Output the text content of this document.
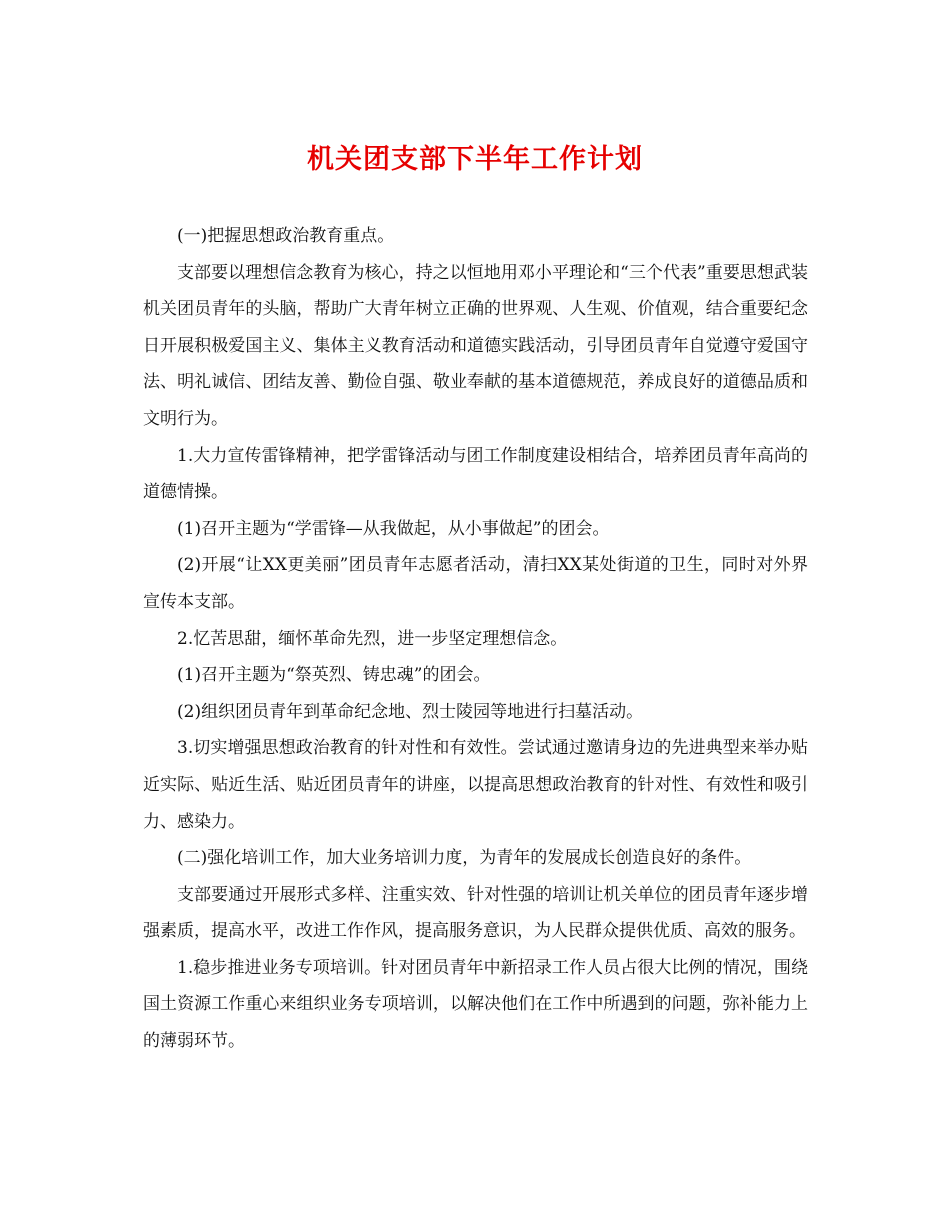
机关团支部下半年工作计划

(一)把握思想政治教育重点。

支部要以理想信念教育为核心，持之以恒地用邓小平理论和“三个代表”重要思想武装机关团员青年的头脑，帮助广大青年树立正确的世界观、人生观、价值观，结合重要纪念日开展积极爱国主义、集体主义教育活动和道德实践活动，引导团员青年自觉遵守爱国守法、明礼诚信、团结友善、勤俭自强、敬业奉献的基本道德规范，养成良好的道德品质和文明行为。

1.大力宣传雷锋精神，把学雷锋活动与团工作制度建设相结合，培养团员青年高尚的道德情操。

(1)召开主题为“学雷锋—从我做起，从小事做起”的团会。

(2)开展“让XX更美丽”团员青年志愿者活动，清扫XX某处街道的卫生，同时对外界宣传本支部。

2.忆苦思甜，缅怀革命先烈，进一步坚定理想信念。

(1)召开主题为“祭英烈、铸忠魂”的团会。

(2)组织团员青年到革命纪念地、烈士陵园等地进行扫墓活动。

3.切实增强思想政治教育的针对性和有效性。尝试通过邀请身边的先进典型来举办贴近实际、贴近生活、贴近团员青年的讲座，以提高思想政治教育的针对性、有效性和吸引力、感染力。

(二)强化培训工作，加大业务培训力度，为青年的发展成长创造良好的条件。

支部要通过开展形式多样、注重实效、针对性强的培训让机关单位的团员青年逐步增强素质，提高水平，改进工作作风，提高服务意识，为人民群众提供优质、高效的服务。

1.稳步推进业务专项培训。针对团员青年中新招录工作人员占很大比例的情况，围绕国土资源工作重心来组织业务专项培训，以解决他们在工作中所遇到的问题，弥补能力上的薄弱环节。
